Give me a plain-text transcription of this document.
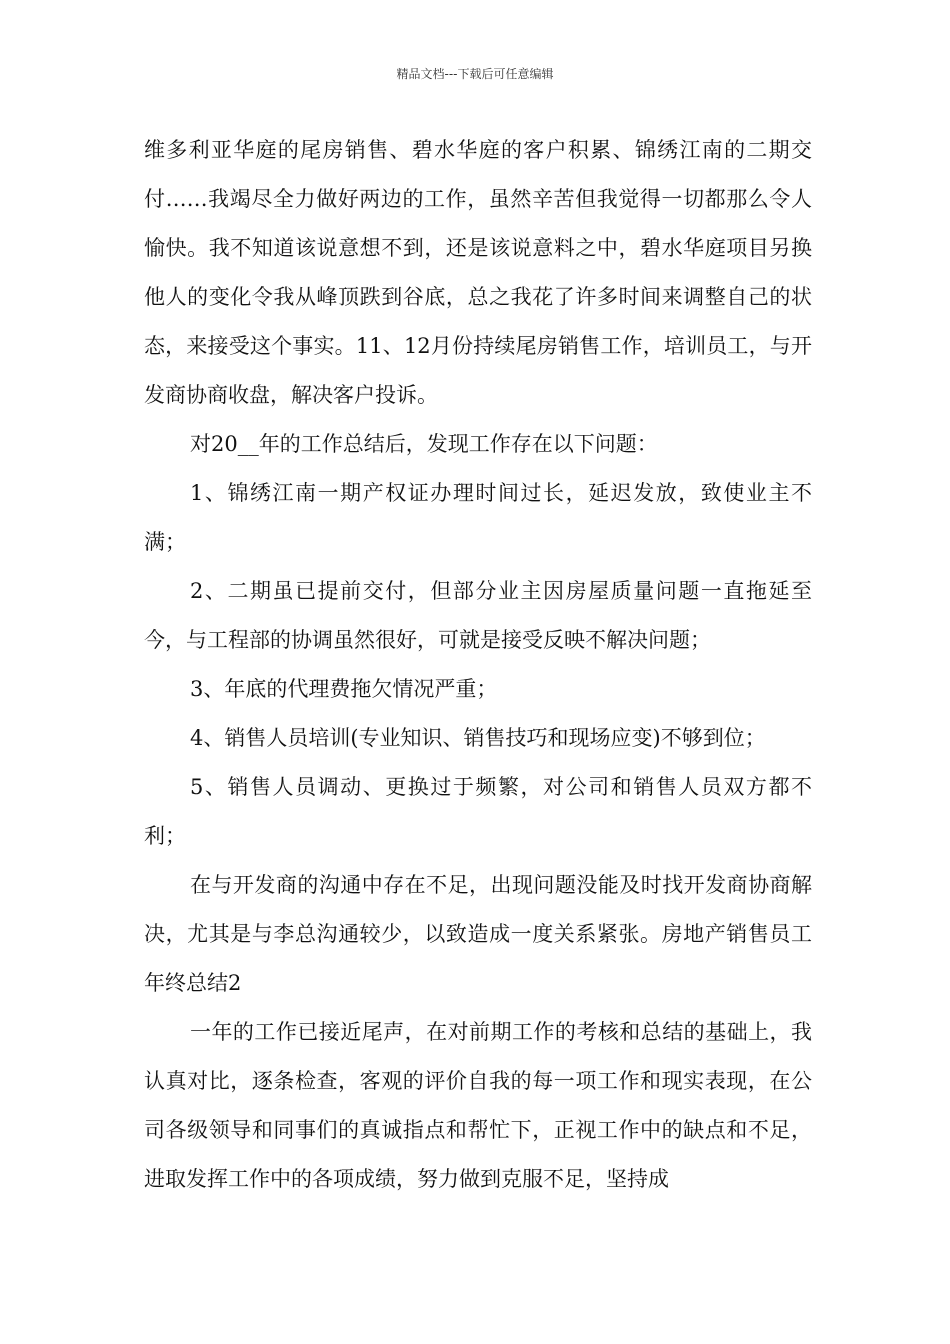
精品文档---下载后可任意编辑

维多利亚华庭的尾房销售、碧水华庭的客户积累、锦绣江南的二期交付……我竭尽全力做好两边的工作，虽然辛苦但我觉得一切都那么令人愉快。我不知道该说意想不到，还是该说意料之中，碧水华庭项目另换他人的变化令我从峰顶跌到谷底，总之我花了许多时间来调整自己的状态，来接受这个事实。11、12月份持续尾房销售工作，培训员工，与开发商协商收盘，解决客户投诉。

对20__年的工作总结后，发现工作存在以下问题：

1、锦绣江南一期产权证办理时间过长，延迟发放，致使业主不满；

2、二期虽已提前交付，但部分业主因房屋质量问题一直拖延至今，与工程部的协调虽然很好，可就是接受反映不解决问题；

3、年底的代理费拖欠情况严重；

4、销售人员培训(专业知识、销售技巧和现场应变)不够到位；

5、销售人员调动、更换过于频繁，对公司和销售人员双方都不利；

在与开发商的沟通中存在不足，出现问题没能及时找开发商协商解决，尤其是与李总沟通较少，以致造成一度关系紧张。房地产销售员工年终总结2

一年的工作已接近尾声，在对前期工作的考核和总结的基础上，我认真对比，逐条检查，客观的评价自我的每一项工作和现实表现，在公司各级领导和同事们的真诚指点和帮忙下，正视工作中的缺点和不足，进取发挥工作中的各项成绩，努力做到克服不足，坚持成
